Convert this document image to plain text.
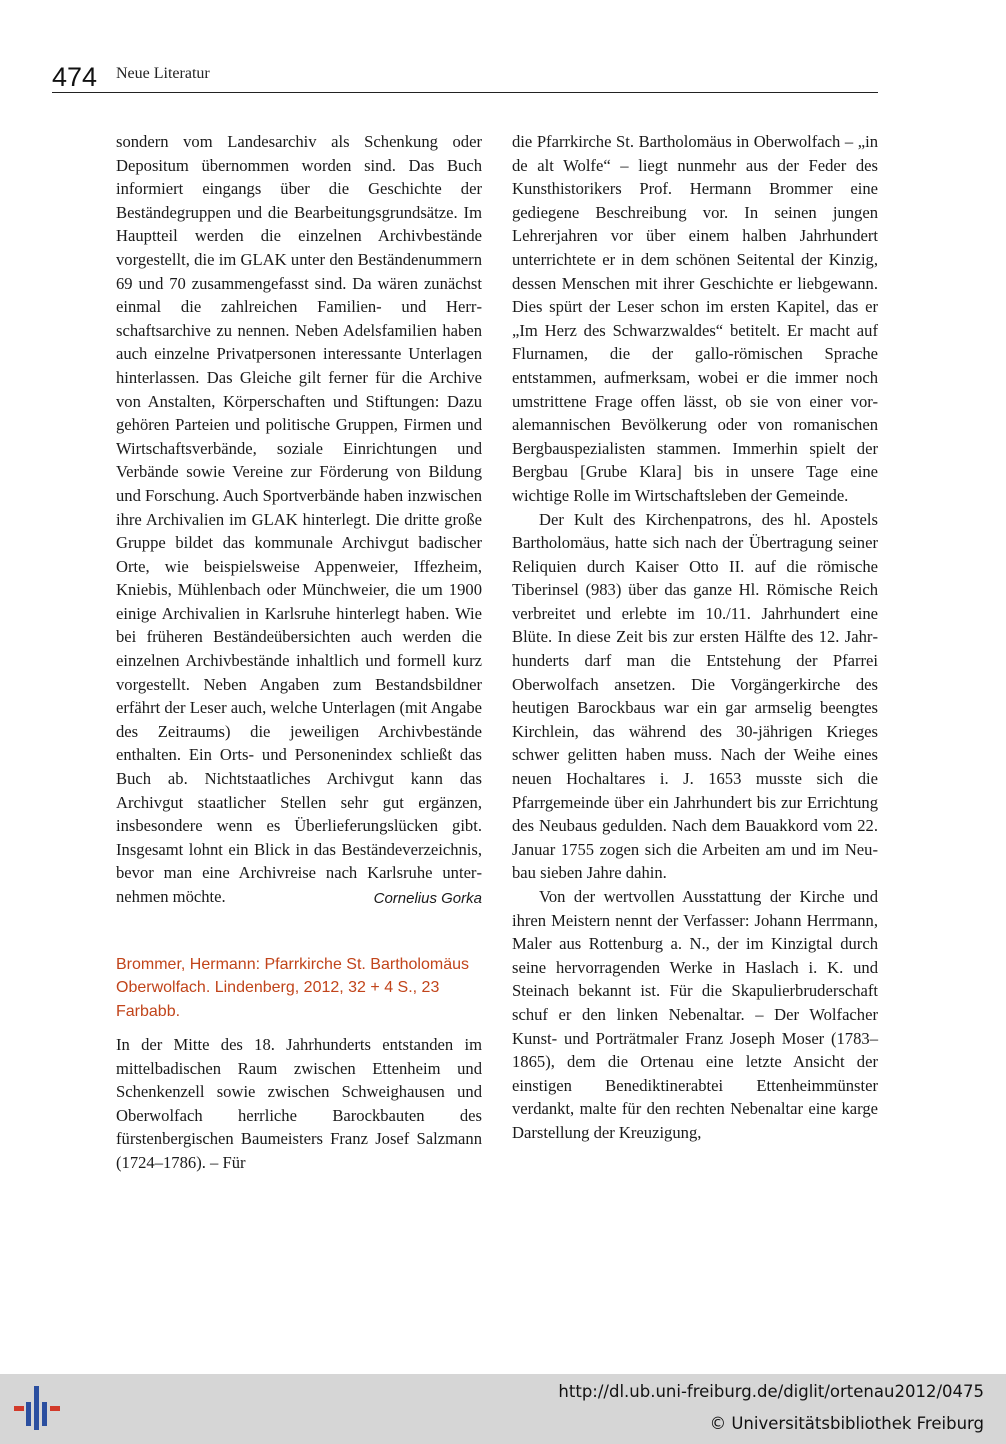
474 Neue Literatur

sondern vom Landesarchiv als Schenkung oder Depositum übernommen worden sind. Das Buch informiert eingangs über die Geschichte der Beständegruppen und die Bearbeitungsgrundsätze. Im Hauptteil werden die einzelnen Archivbestände vorgestellt, die im GLAK unter den Beständenummern 69 und 70 zusammengefasst sind. Da wären zunächst einmal die zahlreichen Familien- und Herrschaftsarchive zu nennen. Neben Adelsfamilien haben auch einzelne Privatpersonen interessante Unterlagen hinterlassen. Das Gleiche gilt ferner für die Archive von Anstalten, Körperschaften und Stiftungen: Dazu gehören Parteien und politische Gruppen, Firmen und Wirtschaftsverbände, soziale Einrichtungen und Verbände sowie Vereine zur Förderung von Bildung und Forschung. Auch Sportverbände haben inzwischen ihre Archivalien im GLAK hinterlegt. Die dritte große Gruppe bildet das kommunale Archivgut badischer Orte, wie beispielsweise Appenweier, Iffezheim, Kniebis, Mühlenbach oder Münchweier, die um 1900 einige Archivalien in Karlsruhe hinterlegt haben. Wie bei früheren Beständeübersichten auch werden die einzelnen Archivbestände inhaltlich und formell kurz vorgestellt. Neben Angaben zum Bestandsbildner erfährt der Leser auch, welche Unterlagen (mit Angabe des Zeitraums) die jeweiligen Archivbestände enthalten. Ein Orts- und Personenindex schließt das Buch ab. Nichtstaatliches Archivgut kann das Archivgut staatlicher Stellen sehr gut ergänzen, insbesondere wenn es Überlieferungslücken gibt. Insgesamt lohnt ein Blick in das Beständeverzeichnis, bevor man eine Archivreise nach Karlsruhe unternehmen möchte.	Cornelius Gorka

Brommer, Hermann: Pfarrkirche St. Bartholomäus Oberwolfach. Lindenberg, 2012, 32 + 4 S., 23 Farbabb.

In der Mitte des 18. Jahrhunderts entstanden im mittelbadischen Raum zwischen Ettenheim und Schenkenzell sowie zwischen Schweighausen und Oberwolfach herrliche Barockbauten des fürstenbergischen Baumeisters Franz Josef Salzmann (1724–1786). – Für

die Pfarrkirche St. Bartholomäus in Oberwolfach – „in de alt Wolfe“ – liegt nunmehr aus der Feder des Kunsthistorikers Prof. Hermann Brommer eine gediegene Beschreibung vor. In seinen jungen Lehrerjahren vor über einem halben Jahrhundert unterrichtete er in dem schönen Seitental der Kinzig, dessen Menschen mit ihrer Geschichte er liebgewann. Dies spürt der Leser schon im ersten Kapitel, das er „Im Herz des Schwarzwaldes“ betitelt. Er macht auf Flurnamen, die der gallo-römischen Sprache entstammen, aufmerksam, wobei er die immer noch umstrittene Frage offen lässt, ob sie von einer vor-alemannischen Bevölkerung oder von romanischen Bergbauspezialisten stammen. Immerhin spielt der Bergbau [Grube Klara] bis in unsere Tage eine wichtige Rolle im Wirtschaftsleben der Gemeinde.

Der Kult des Kirchenpatrons, des hl. Apostels Bartholomäus, hatte sich nach der Übertragung seiner Reliquien durch Kaiser Otto II. auf die römische Tiberinsel (983) über das ganze Hl. Römische Reich verbreitet und erlebte im 10./11. Jahrhundert eine Blüte. In diese Zeit bis zur ersten Hälfte des 12. Jahrhunderts darf man die Entstehung der Pfarrei Oberwolfach ansetzen. Die Vorgängerkirche des heutigen Barockbaus war ein gar armselig beengtes Kirchlein, das während des 30-jährigen Krieges schwer gelitten haben muss. Nach der Weihe eines neuen Hochaltares i. J. 1653 musste sich die Pfarrgemeinde über ein Jahrhundert bis zur Errichtung des Neubaus gedulden. Nach dem Bauakkord vom 22. Januar 1755 zogen sich die Arbeiten am und im Neubau sieben Jahre dahin.

Von der wertvollen Ausstattung der Kirche und ihren Meistern nennt der Verfasser: Johann Herrmann, Maler aus Rottenburg a. N., der im Kinzigtal durch seine hervorragenden Werke in Haslach i. K. und Steinach bekannt ist. Für die Skapulierbruderschaft schuf er den linken Nebenaltar. – Der Wolfacher Kunst- und Porträtmaler Franz Joseph Moser (1783–1865), dem die Ortenau eine letzte Ansicht der einstigen Benediktinerabtei Ettenheimmünster verdankt, malte für den rechten Nebenaltar eine karge Darstellung der Kreuzigung,

http://dl.ub.uni-freiburg.de/diglit/ortenau2012/0475
© Universitätsbibliothek Freiburg
